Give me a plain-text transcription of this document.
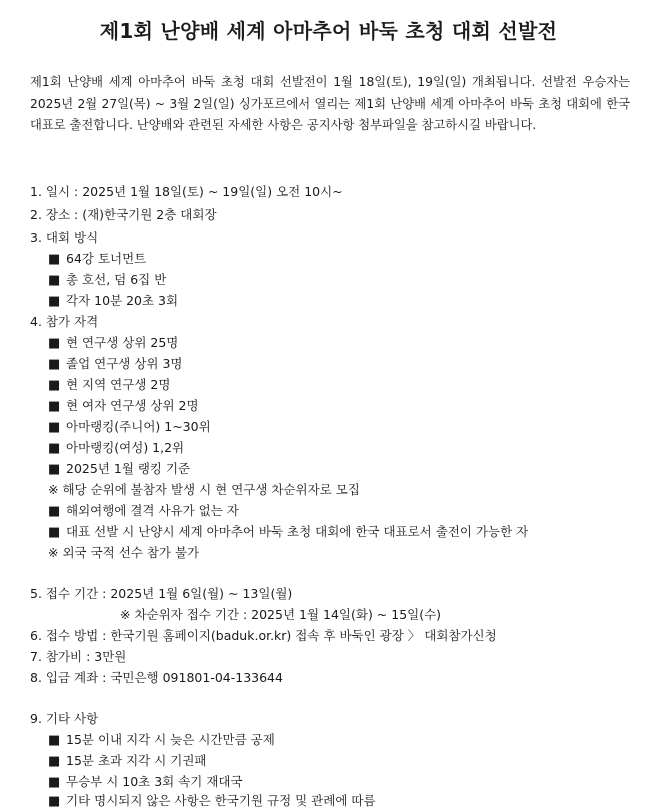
제1회 난양배 세계 아마추어 바둑 초청 대회 선발전

제1회 난양배 세계 아마추어 바둑 초청 대회 선발전이 1월 18일(토), 19일(일) 개최됩니다. 선발전 우승자는 2025년 2월 27일(목) ~ 3월 2일(일) 싱가포르에서 열리는 제1회 난양배 세계 아마추어 바둑 초청 대회에 한국 대표로 출전합니다. 난양배와 관련된 자세한 사항은 공지사항 첨부파일을 참고하시길 바랍니다.

1. 일시 : 2025년 1월 18일(토) ~ 19일(일) 오전 10시~
2. 장소 : (재)한국기원 2층 대회장
3. 대회 방식
■ 64강 토너먼트
■ 총 호선, 덤 6집 반
■ 각자 10분 20초 3회
4. 참가 자격
■ 현 연구생 상위 25명
■ 졸업 연구생 상위 3명
■ 현 지역 연구생 2명
■ 현 여자 연구생 상위 2명
■ 아마랭킹(주니어) 1~30위
■ 아마랭킹(여성) 1,2위
■ 2025년 1월 랭킹 기준
※ 해당 순위에 불참자 발생 시 현 연구생 차순위자로 모집
■ 해외여행에 결격 사유가 없는 자
■ 대표 선발 시 난양시 세계 아마추어 바둑 초청 대회에 한국 대표로서 출전이 가능한 자
※ 외국 국적 선수 참가 불가
5. 접수 기간 : 2025년 1월 6일(월) ~ 13일(월)
※ 차순위자 접수 기간 : 2025년 1월 14일(화) ~ 15일(수)
6. 접수 방법 : 한국기원 홈페이지(baduk.or.kr) 접속 후 바둑인 광장 〉 대회참가신청
7. 참가비 : 3만원
8. 입금 계좌 : 국민은행 091801-04-133644
9. 기타 사항
■ 15분 이내 지각 시 늦은 시간만큼 공제
■ 15분 초과 지각 시 기권패
■ 무승부 시 10초 3회 속기 재대국
■ 기타 명시되지 않은 사항은 한국기원 규정 및 관례에 따름
